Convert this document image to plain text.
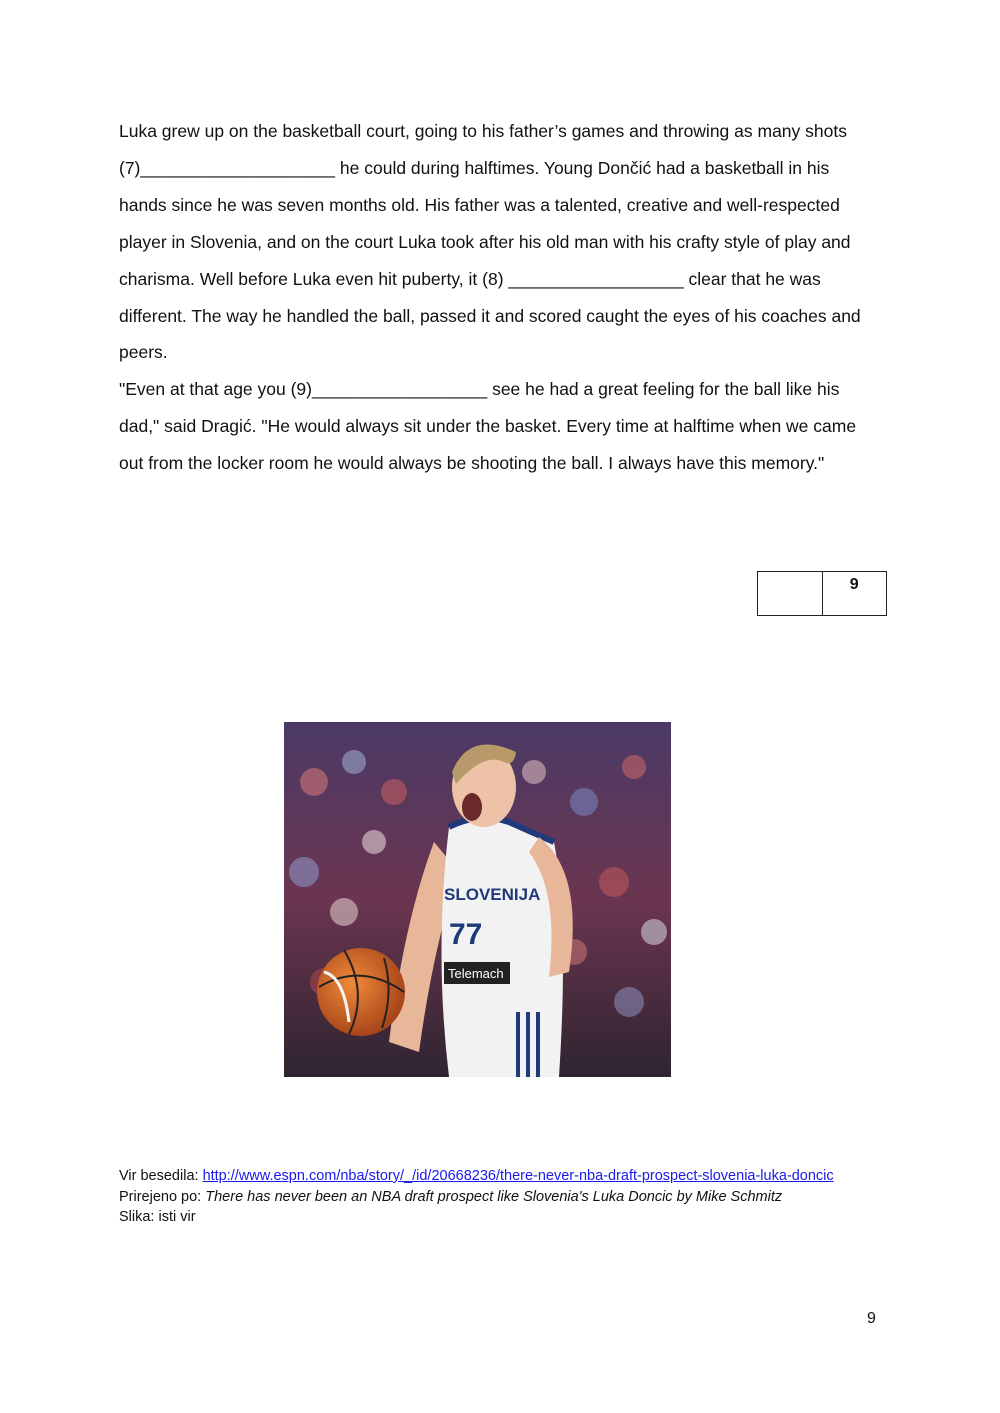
Luka grew up on the basketball court, going to his father’s games and throwing as many shots (7)____________________ he could during halftimes. Young Dončić had a basketball in his hands since he was seven months old. His father was a talented, creative and well-respected player in Slovenia, and on the court Luka took after his old man with his crafty style of play and charisma. Well before Luka even hit puberty, it (8) __________________ clear that he was different. The way he handled the ball, passed it and scored caught the eyes of his coaches and peers.

"Even at that age you (9)__________________ see he had a great feeling for the ball like his dad," said Dragić. "He would always sit under the basket. Every time at halftime when we came out from the locker room he would always be shooting the ball. I always have this memory."

9
SLOVENIJA
77
Telemach
Vir besedila: http://www.espn.com/nba/story/_/id/20668236/there-never-nba-draft-prospect-slovenia-luka-doncic
Prirejeno po: There has never been an NBA draft prospect like Slovenia's Luka Doncic by Mike Schmitz
Slika: isti vir
9
